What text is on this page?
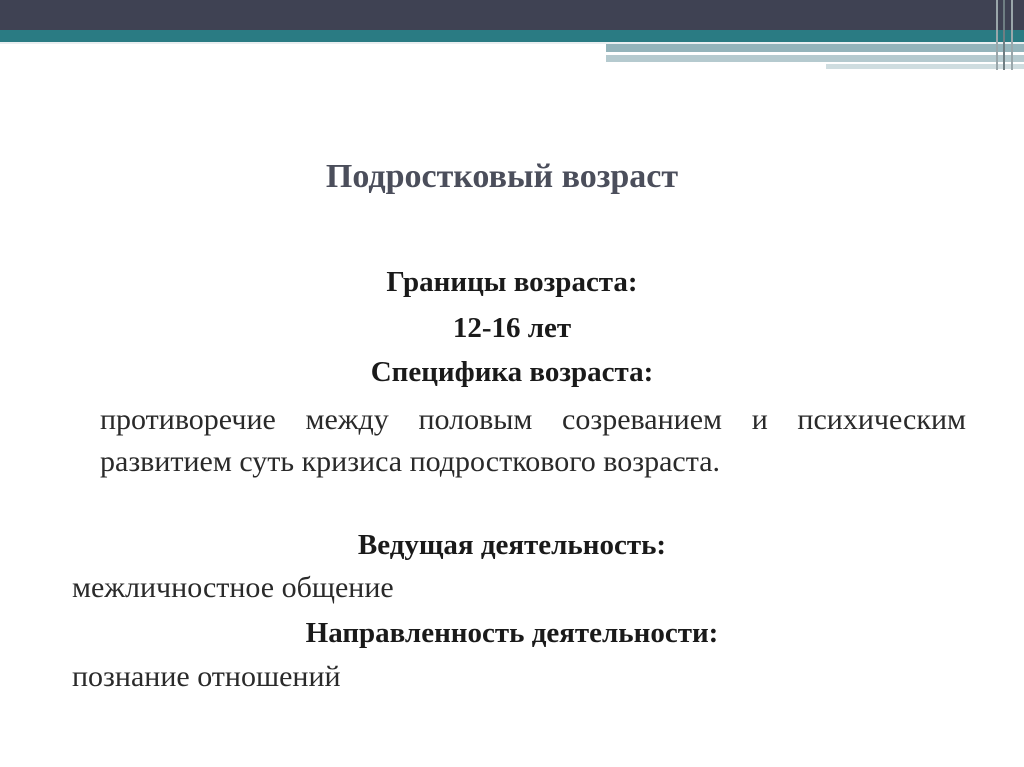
Подростковый возраст
Границы возраста:
12-16 лет
Специфика возраста:

противоречие между половым созреванием и психическим развитием суть кризиса подросткового возраста.

Ведущая деятельность:
межличностное общение
Направленность деятельности:
познание отношений
